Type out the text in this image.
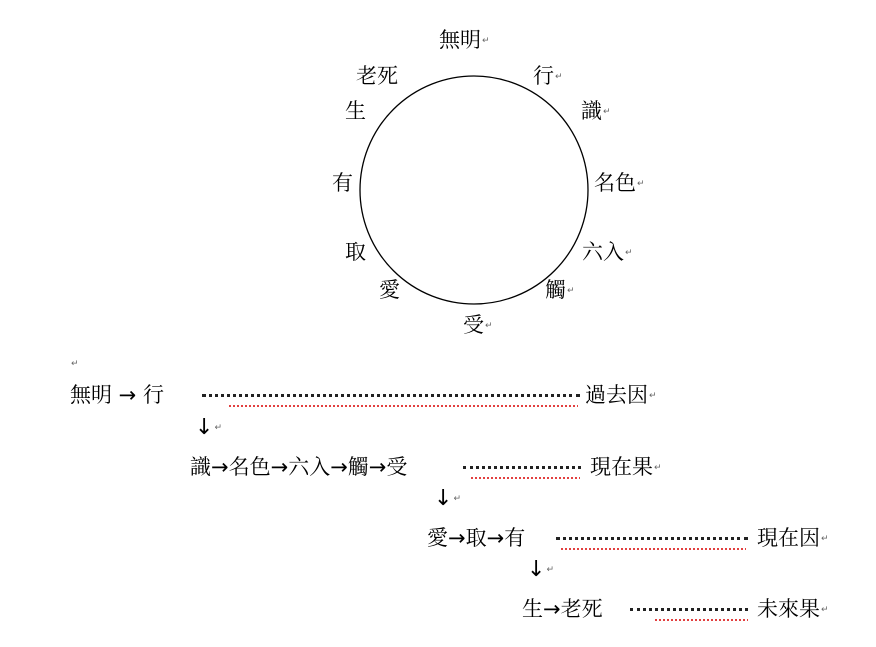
無明↵
行↵
識↵
名色↵
六入↵
觸↵
受↵
愛
取
有
生
老死
↵
無明 → 行	過去因↵
↓↵
識→名色→六入→觸→受	現在果↵
↓↵
愛→取→有	現在因↵
↓↵
生→老死	未來果↵
